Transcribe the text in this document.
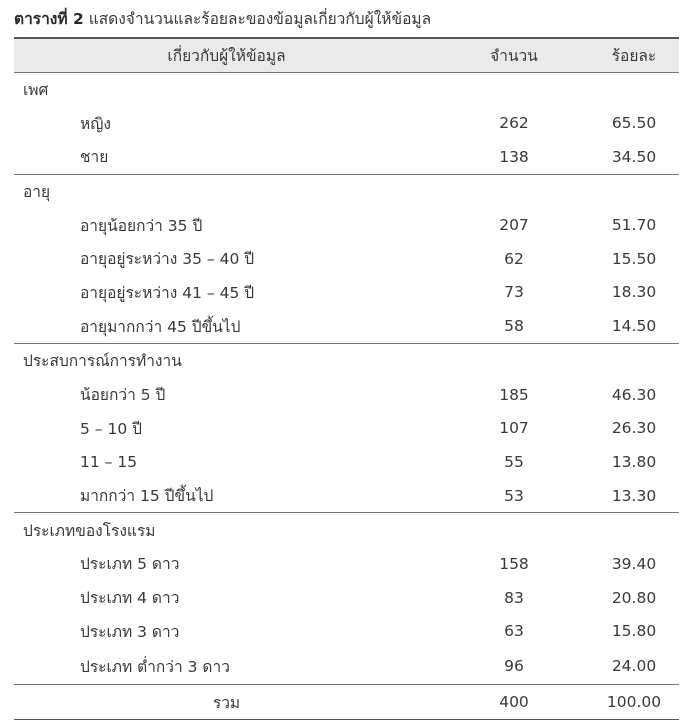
ตารางที่ 2 แสดงจำนวนและร้อยละของข้อมูลเกี่ยวกับผู้ให้ข้อมูล
เกี่ยวกับผู้ให้ข้อมูล	จำนวน	ร้อยละ
เพศ		
หญิง	262	65.50
ชาย	138	34.50
อายุ		
อายุน้อยกว่า 35 ปี	207	51.70
อายุอยู่ระหว่าง 35 – 40 ปี	62	15.50
อายุอยู่ระหว่าง 41 – 45 ปี	73	18.30
อายุมากกว่า 45 ปีขึ้นไป	58	14.50
ประสบการณ์การทำงาน		
น้อยกว่า 5 ปี	185	46.30
5 – 10 ปี	107	26.30
11 – 15	55	13.80
มากกว่า 15 ปีขึ้นไป	53	13.30
ประเภทของโรงแรม		
ประเภท 5 ดาว	158	39.40
ประเภท 4 ดาว	83	20.80
ประเภท 3 ดาว	63	15.80
ประเภท ต่ำกว่า 3 ดาว	96	24.00
รวม	400	100.00
